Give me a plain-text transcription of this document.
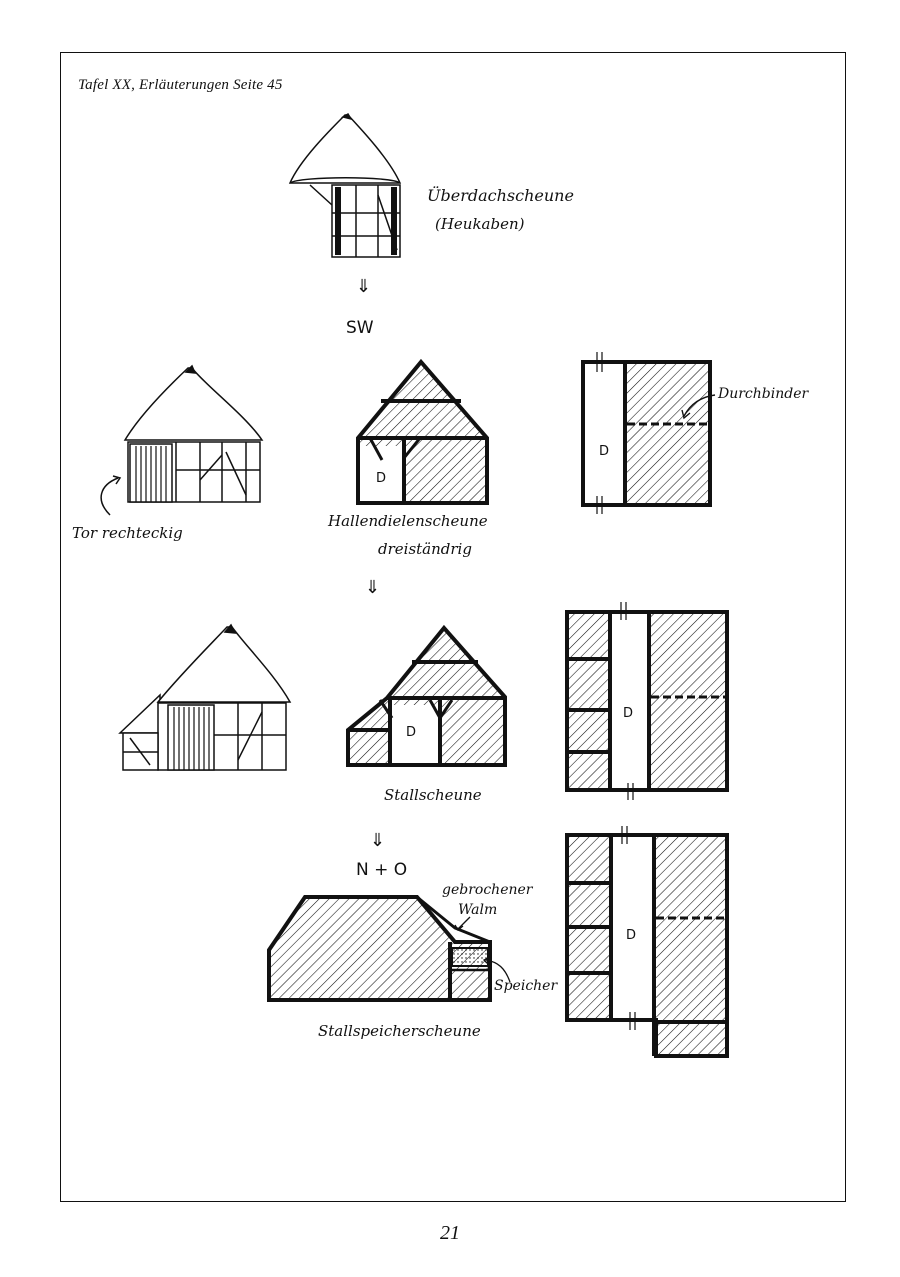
Tafel XX, Erläuterungen Seite 45
Überdachscheune
(Heukaben)
⇓
SW
Tor rechteckig
Hallendielenscheune
dreiständrig
Durchbinder
⇓
Stallscheune
⇓
N + O
gebrochener
Walm
Speicher
Stallspeicherscheune
D
D
D
D
D
21
